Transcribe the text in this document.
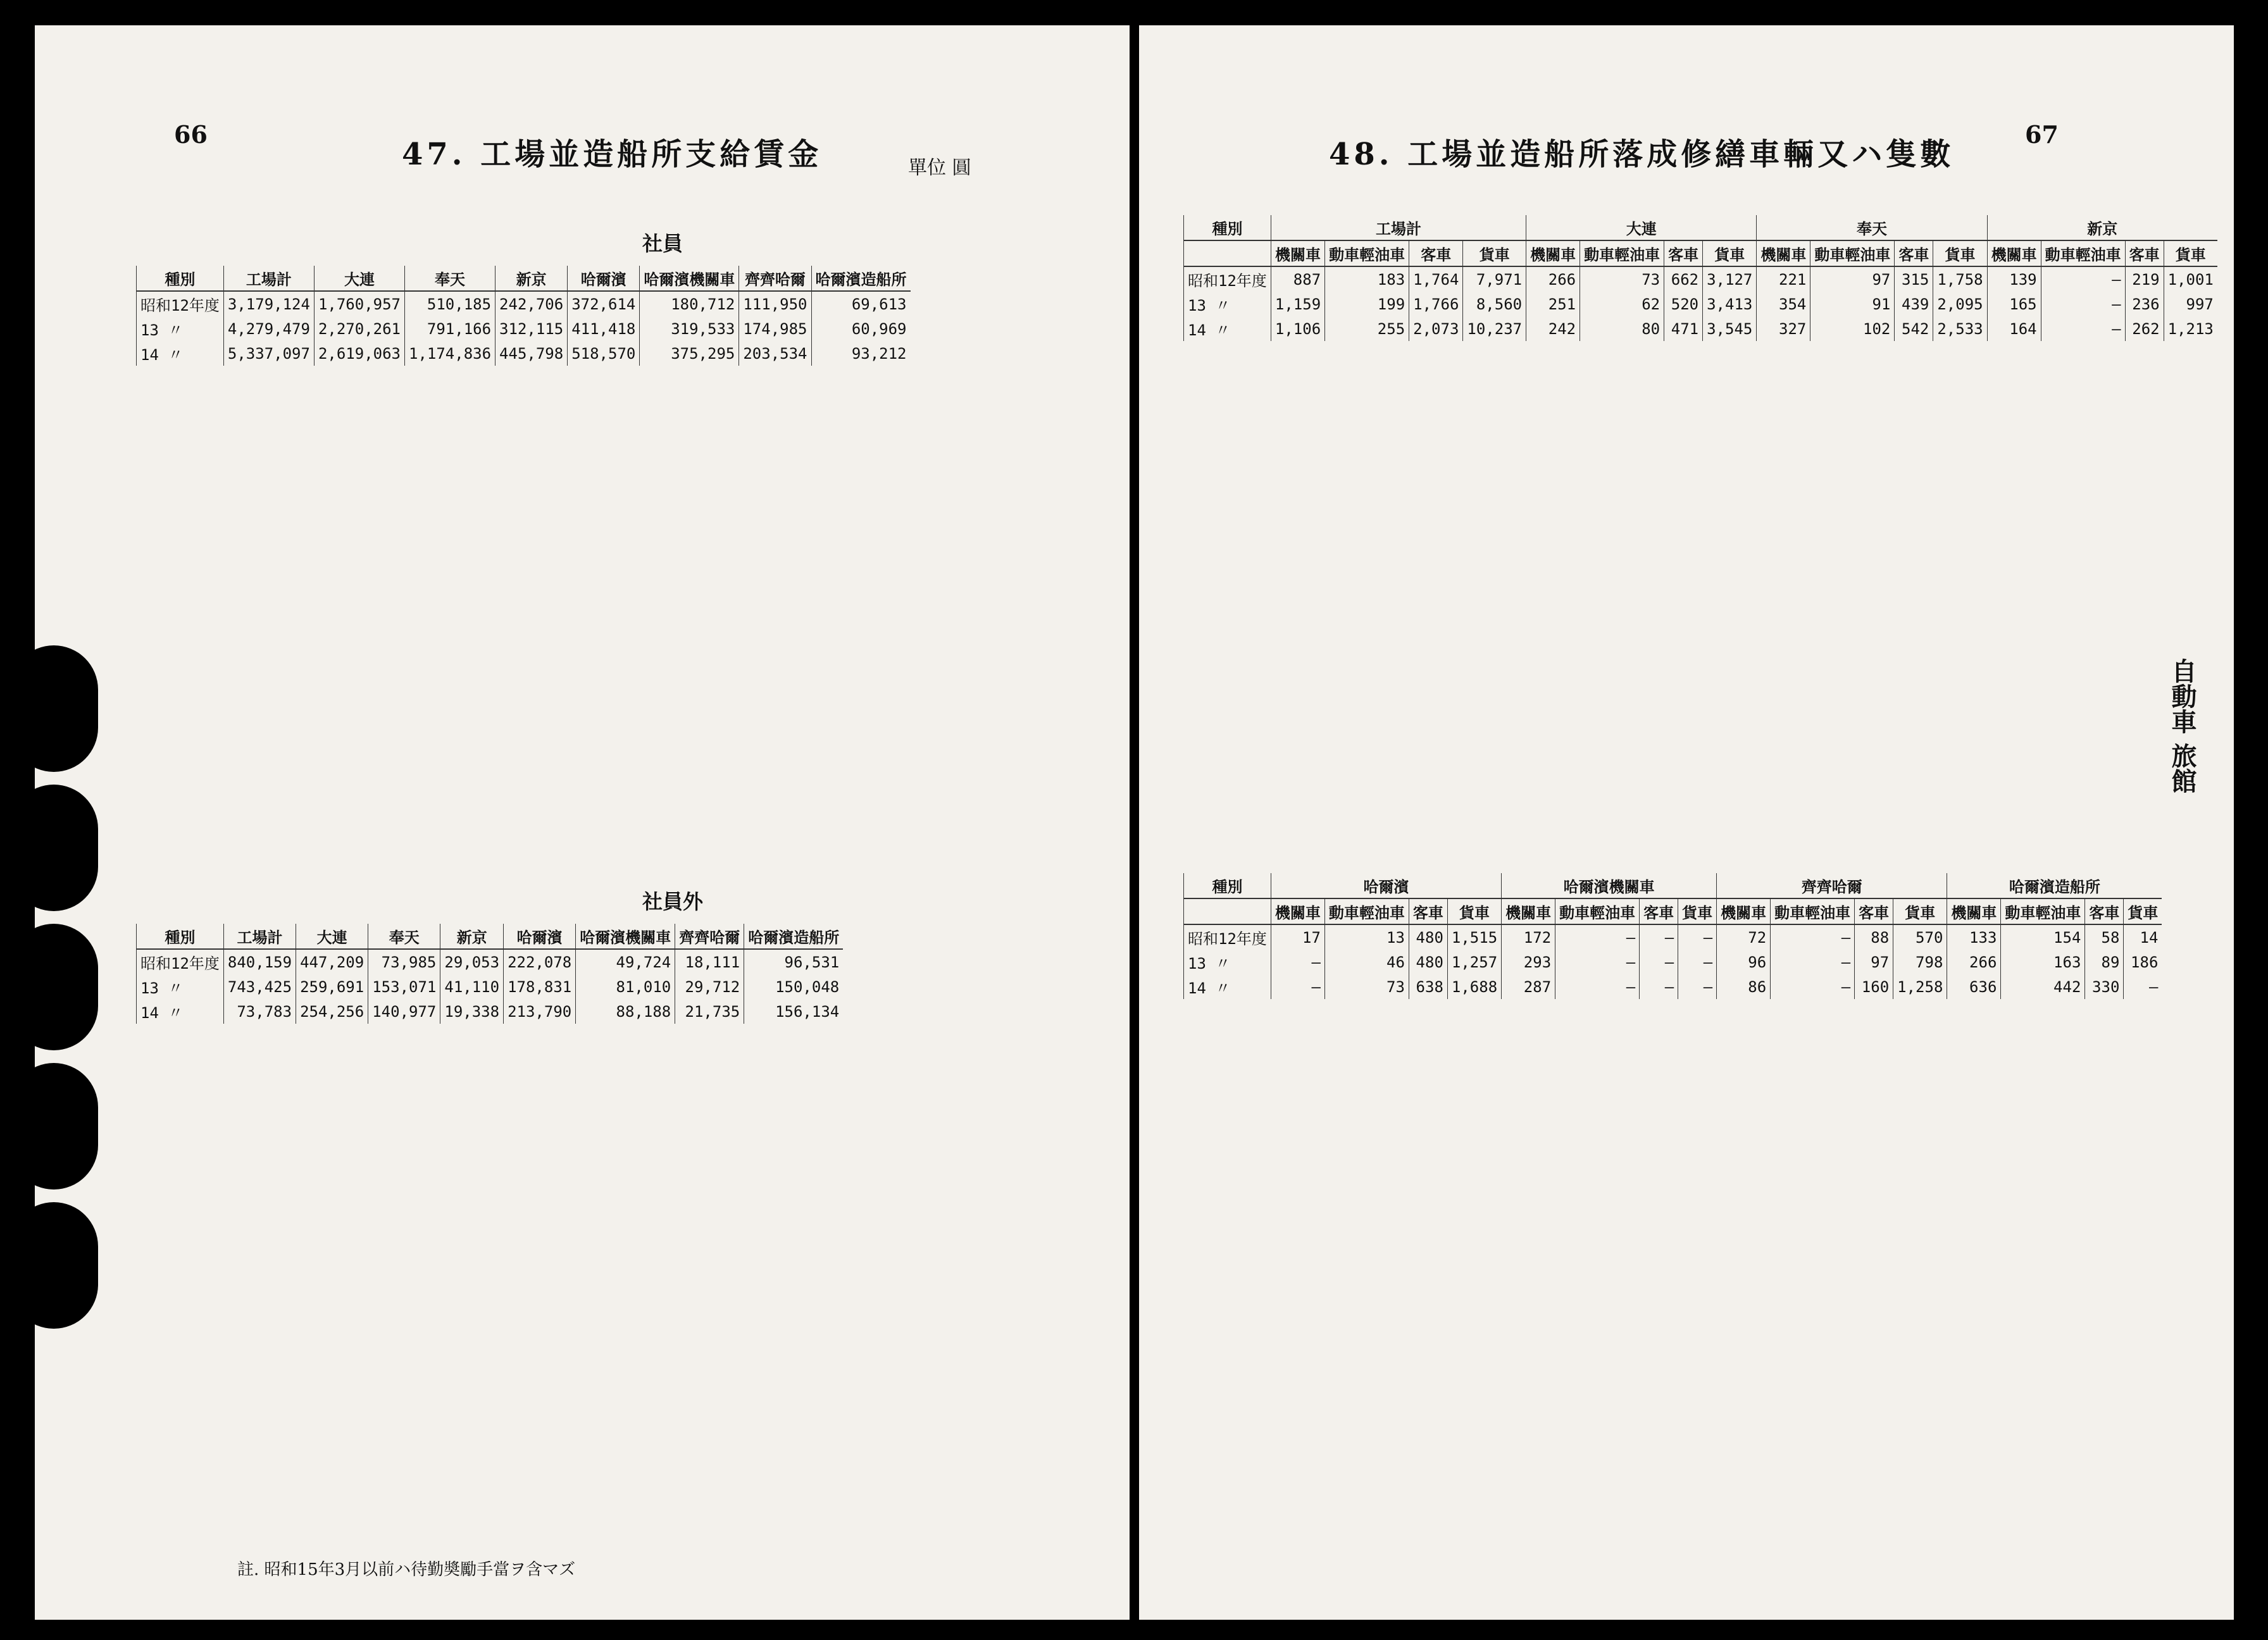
66
47. 工場並造船所支給賃金	單位 圓
社員
種別	工場計	大連	奉天	新京	哈爾濱	哈爾濱機關車	齊齊哈爾	哈爾濱造船所
昭和12年度	3,179,124	1,760,957	510,185	242,706	372,614	180,712	111,950	69,613
13 〃	4,279,479	2,270,261	791,166	312,115	411,418	319,533	174,985	60,969
14 〃	5,337,097	2,619,063	1,174,836	445,798	518,570	375,295	203,534	93,212
社員外
種別	工場計	大連	奉天	新京	哈爾濱	哈爾濱機關車	齊齊哈爾	哈爾濱造船所
昭和12年度	840,159	447,209	73,985	29,053	222,078	49,724	18,111	96,531
13 〃	743,425	259,691	153,071	41,110	178,831	81,010	29,712	150,048
14 〃	73,783	254,256	140,977	19,338	213,790	88,188	21,735	156,134
註. 昭和15年3月以前ハ待勤奬勵手當ヲ含マズ
67
48. 工場並造船所落成修繕車輛又ハ隻數
種別	工場計				大連				奉天				新京			
	機關車	動車輕油車	客車	貨車	機關車	動車輕油車	客車	貨車	機關車	動車輕油車	客車	貨車	機關車	動車輕油車	客車	貨車
昭和12年度	887	183	1,764	7,971	266	73	662	3,127	221	97	315	1,758	139	—	219	1,001
13 〃	1,159	199	1,766	8,560	251	62	520	3,413	354	91	439	2,095	165	—	236	997
14 〃	1,106	255	2,073	10,237	242	80	471	3,545	327	102	542	2,533	164	—	262	1,213
種別	哈爾濱				哈爾濱機關車				齊齊哈爾				哈爾濱造船所			
	機關車	動車輕油車	客車	貨車	機關車	動車輕油車	客車	貨車	機關車	動車輕油車	客車	貨車	機關車	動車輕油車	客車	貨車
昭和12年度	17	13	480	1,515	172	—	—	—	72	—	88	570	133	154	58	14
13 〃	—	46	480	1,257	293	—	—	—	96	—	97	798	266	163	89	186
14 〃	—	73	638	1,688	287	—	—	—	86	—	160	1,258	636	442	330	—
自動車 旅館
